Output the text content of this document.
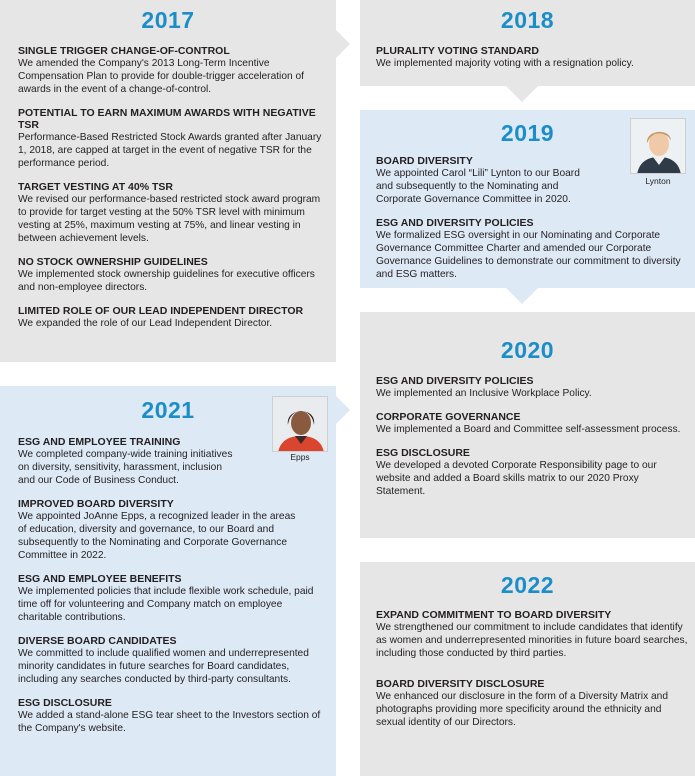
2017

SINGLE TRIGGER CHANGE-OF-CONTROL

We amended the Company's 2013 Long-Term Incentive Compensation Plan to provide for double-trigger acceleration of awards in the event of a change-of-control.

POTENTIAL TO EARN MAXIMUM AWARDS WITH NEGATIVE TSR

Performance-Based Restricted Stock Awards granted after January 1, 2018, are capped at target in the event of negative TSR for the performance period.

TARGET VESTING AT 40% TSR

We revised our performance-based restricted stock award program to provide for target vesting at the 50% TSR level with minimum vesting at 25%, maximum vesting at 75%, and linear vesting in between achievement levels.

NO STOCK OWNERSHIP GUIDELINES

We implemented stock ownership guidelines for executive officers and non-employee directors.

LIMITED ROLE OF OUR LEAD INDEPENDENT DIRECTOR

We expanded the role of our Lead Independent Director.

2018

PLURALITY VOTING STANDARD

We implemented majority voting with a resignation policy.

2019
Lynton

BOARD DIVERSITY

We appointed Carol “Lili” Lynton to our Board and subsequently to the Nominating and Corporate Governance Committee in 2020.

ESG AND DIVERSITY POLICIES

We formalized ESG oversight in our Nominating and Corporate Governance Committee Charter and amended our Corporate Governance Guidelines to demonstrate our commitment to diversity and ESG matters.

2020

ESG AND DIVERSITY POLICIES

We implemented an Inclusive Workplace Policy.

CORPORATE GOVERNANCE

We implemented a Board and Committee self-assessment process.

ESG DISCLOSURE

We developed a devoted Corporate Responsibility page to our website and added a Board skills matrix to our 2020 Proxy Statement.

2021
Epps

ESG AND EMPLOYEE TRAINING

We completed company-wide training initiatives on diversity, sensitivity, harassment, inclusion and our Code of Business Conduct.

IMPROVED BOARD DIVERSITY

We appointed JoAnne Epps, a recognized leader in the areas of education, diversity and governance, to our Board and subsequently to the Nominating and Corporate Governance Committee in 2022.

ESG AND EMPLOYEE BENEFITS

We implemented policies that include flexible work schedule, paid time off for volunteering and Company match on employee charitable contributions.

DIVERSE BOARD CANDIDATES

We committed to include qualified women and underrepresented minority candidates in future searches for Board candidates, including any searches conducted by third-party consultants.

ESG DISCLOSURE

We added a stand-alone ESG tear sheet to the Investors section of the Company's website.

2022

EXPAND COMMITMENT TO BOARD DIVERSITY

We strengthened our commitment to include candidates that identify as women and underrepresented minorities in future board searches, including those conducted by third parties.

BOARD DIVERSITY DISCLOSURE

We enhanced our disclosure in the form of a Diversity Matrix and photographs providing more specificity around the ethnicity and sexual identity of our Directors.
